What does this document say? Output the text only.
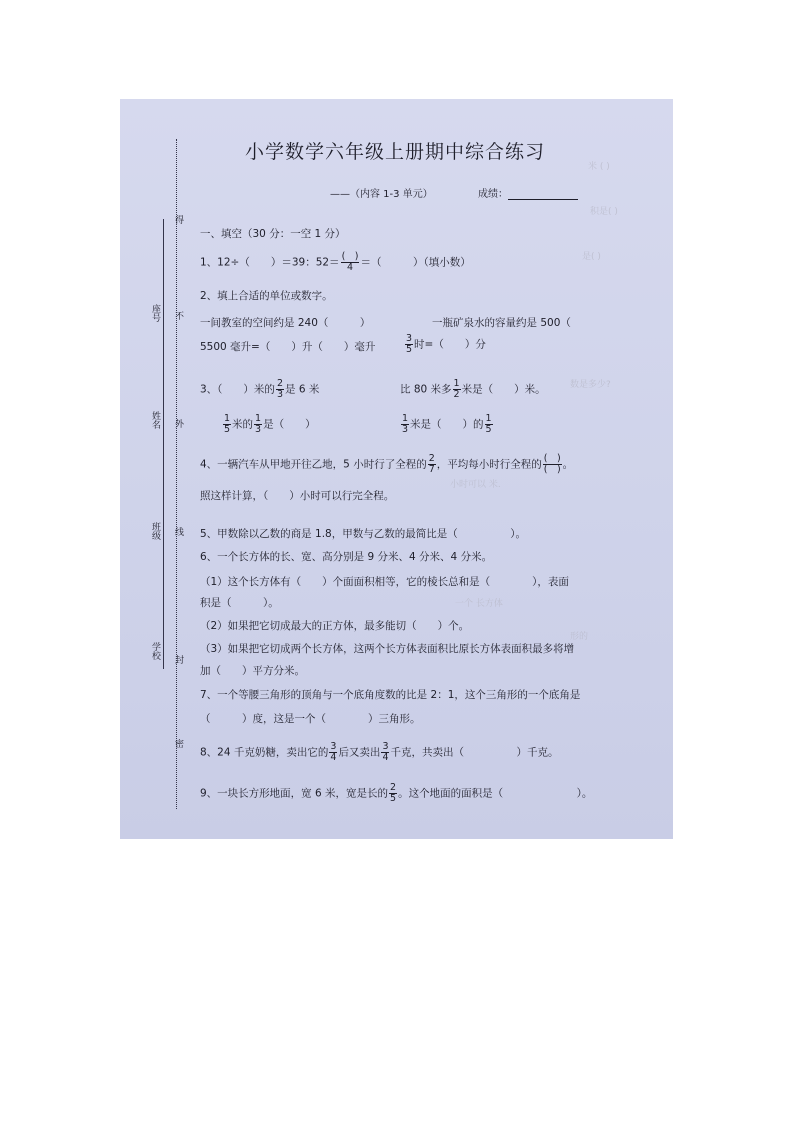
米 ( )
积是( )
是( )
数是多少?
小时可以 米.
一个 长方体
形的
得
不
外
线
封
密
座号
姓名
班级
学校
小学数学六年级上册期中综合练习
——（内容 1-3 单元）	成绩：
一、填空（30 分：一空 1 分）
1、12÷（　　）＝39：$52= \frac{( )}{4}$ ＝（　　　）（填小数）
2、填上合适的单位或数字。
一间教室的空间约是 240（　　　）	一瓶矿泉水的容量约是 500（
5500 毫升=（　　）升（　　）毫升	$\frac{3}{5}$ 时=（　　）分
3、（　　）米的 $\frac{2}{3}$ 是 6 米	比 80 米多 $\frac{1}{2}$ 米是（　　）米。
$\frac{1}{5}$ 米的 $\frac{1}{3}$ 是（　　）	$\frac{1}{3}$ 米是（　　）的 $\frac{1}{5}$
4、一辆汽车从甲地开往乙地，5 小时行了全程的 $\frac{2}{7}$ ，平均每小时行全程的 $\frac{( )}{( )}$ 。
照这样计算，（　　）小时可以行完全程。
5、甲数除以乙数的商是 1.8，甲数与乙数的最简比是（　　　　　）。
6、一个长方体的长、宽、高分别是 9 分米、4 分米、4 分米。
（1）这个长方体有（　　）个面面积相等，它的棱长总和是（　　　　），表面
积是（　　　）。
（2）如果把它切成最大的正方体，最多能切（　　）个。
（3）如果把它切成两个长方体，这两个长方体表面积比原长方体表面积最多将增
加（　　）平方分米。
7、一个等腰三角形的顶角与一个底角度数的比是 2：1，这个三角形的一个底角是
（　　　）度，这是一个（　　　　）三角形。
8、24 千克奶糖，卖出它的 $\frac{3}{4}$ 后又卖出 $\frac{3}{4}$ 千克，共卖出（　　　　　）千克。
9、一块长方形地面，宽 6 米，宽是长的 $\frac{2}{5}$ 。这个地面的面积是（　　　　　　　）。
